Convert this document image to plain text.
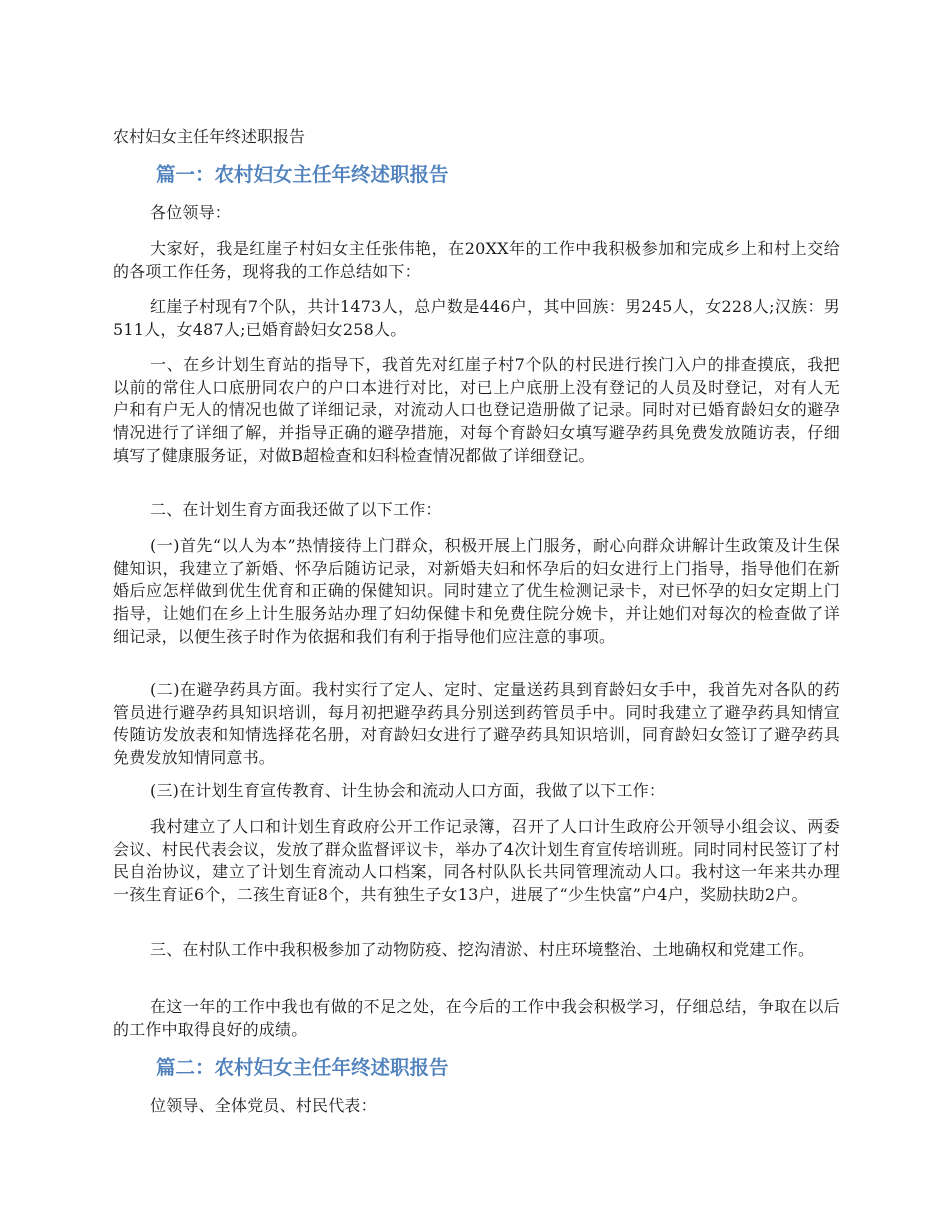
农村妇女主任年终述职报告
篇一：农村妇女主任年终述职报告

各位领导：

大家好，我是红崖子村妇女主任张伟艳，在20XX年的工作中我积极参加和完成乡上和村上交给的各项工作任务，现将我的工作总结如下：

红崖子村现有7个队，共计1473人，总户数是446户，其中回族：男245人，女228人;汉族：男511人，女487人;已婚育龄妇女258人。

一、在乡计划生育站的指导下，我首先对红崖子村7个队的村民进行挨门入户的排查摸底，我把以前的常住人口底册同农户的户口本进行对比，对已上户底册上没有登记的人员及时登记，对有人无户和有户无人的情况也做了详细记录，对流动人口也登记造册做了记录。同时对已婚育龄妇女的避孕情况进行了详细了解，并指导正确的避孕措施，对每个育龄妇女填写避孕药具免费发放随访表，仔细填写了健康服务证，对做B超检查和妇科检查情况都做了详细登记。

二、在计划生育方面我还做了以下工作：

(一)首先“以人为本”热情接待上门群众，积极开展上门服务，耐心向群众讲解计生政策及计生保健知识，我建立了新婚、怀孕后随访记录，对新婚夫妇和怀孕后的妇女进行上门指导，指导他们在新婚后应怎样做到优生优育和正确的保健知识。同时建立了优生检测记录卡，对已怀孕的妇女定期上门指导，让她们在乡上计生服务站办理了妇幼保健卡和免费住院分娩卡，并让她们对每次的检查做了详细记录，以便生孩子时作为依据和我们有利于指导他们应注意的事项。

(二)在避孕药具方面。我村实行了定人、定时、定量送药具到育龄妇女手中，我首先对各队的药管员进行避孕药具知识培训，每月初把避孕药具分别送到药管员手中。同时我建立了避孕药具知情宣传随访发放表和知情选择花名册，对育龄妇女进行了避孕药具知识培训，同育龄妇女签订了避孕药具免费发放知情同意书。

(三)在计划生育宣传教育、计生协会和流动人口方面，我做了以下工作：

我村建立了人口和计划生育政府公开工作记录簿，召开了人口计生政府公开领导小组会议、两委会议、村民代表会议，发放了群众监督评议卡，举办了4次计划生育宣传培训班。同时同村民签订了村民自治协议，建立了计划生育流动人口档案，同各村队队长共同管理流动人口。我村这一年来共办理一孩生育证6个，二孩生育证8个，共有独生子女13户，进展了“少生快富”户4户，奖励扶助2户。

三、在村队工作中我积极参加了动物防疫、挖沟清淤、村庄环境整治、土地确权和党建工作。

在这一年的工作中我也有做的不足之处，在今后的工作中我会积极学习，仔细总结，争取在以后的工作中取得良好的成绩。

篇二：农村妇女主任年终述职报告

位领导、全体党员、村民代表：
